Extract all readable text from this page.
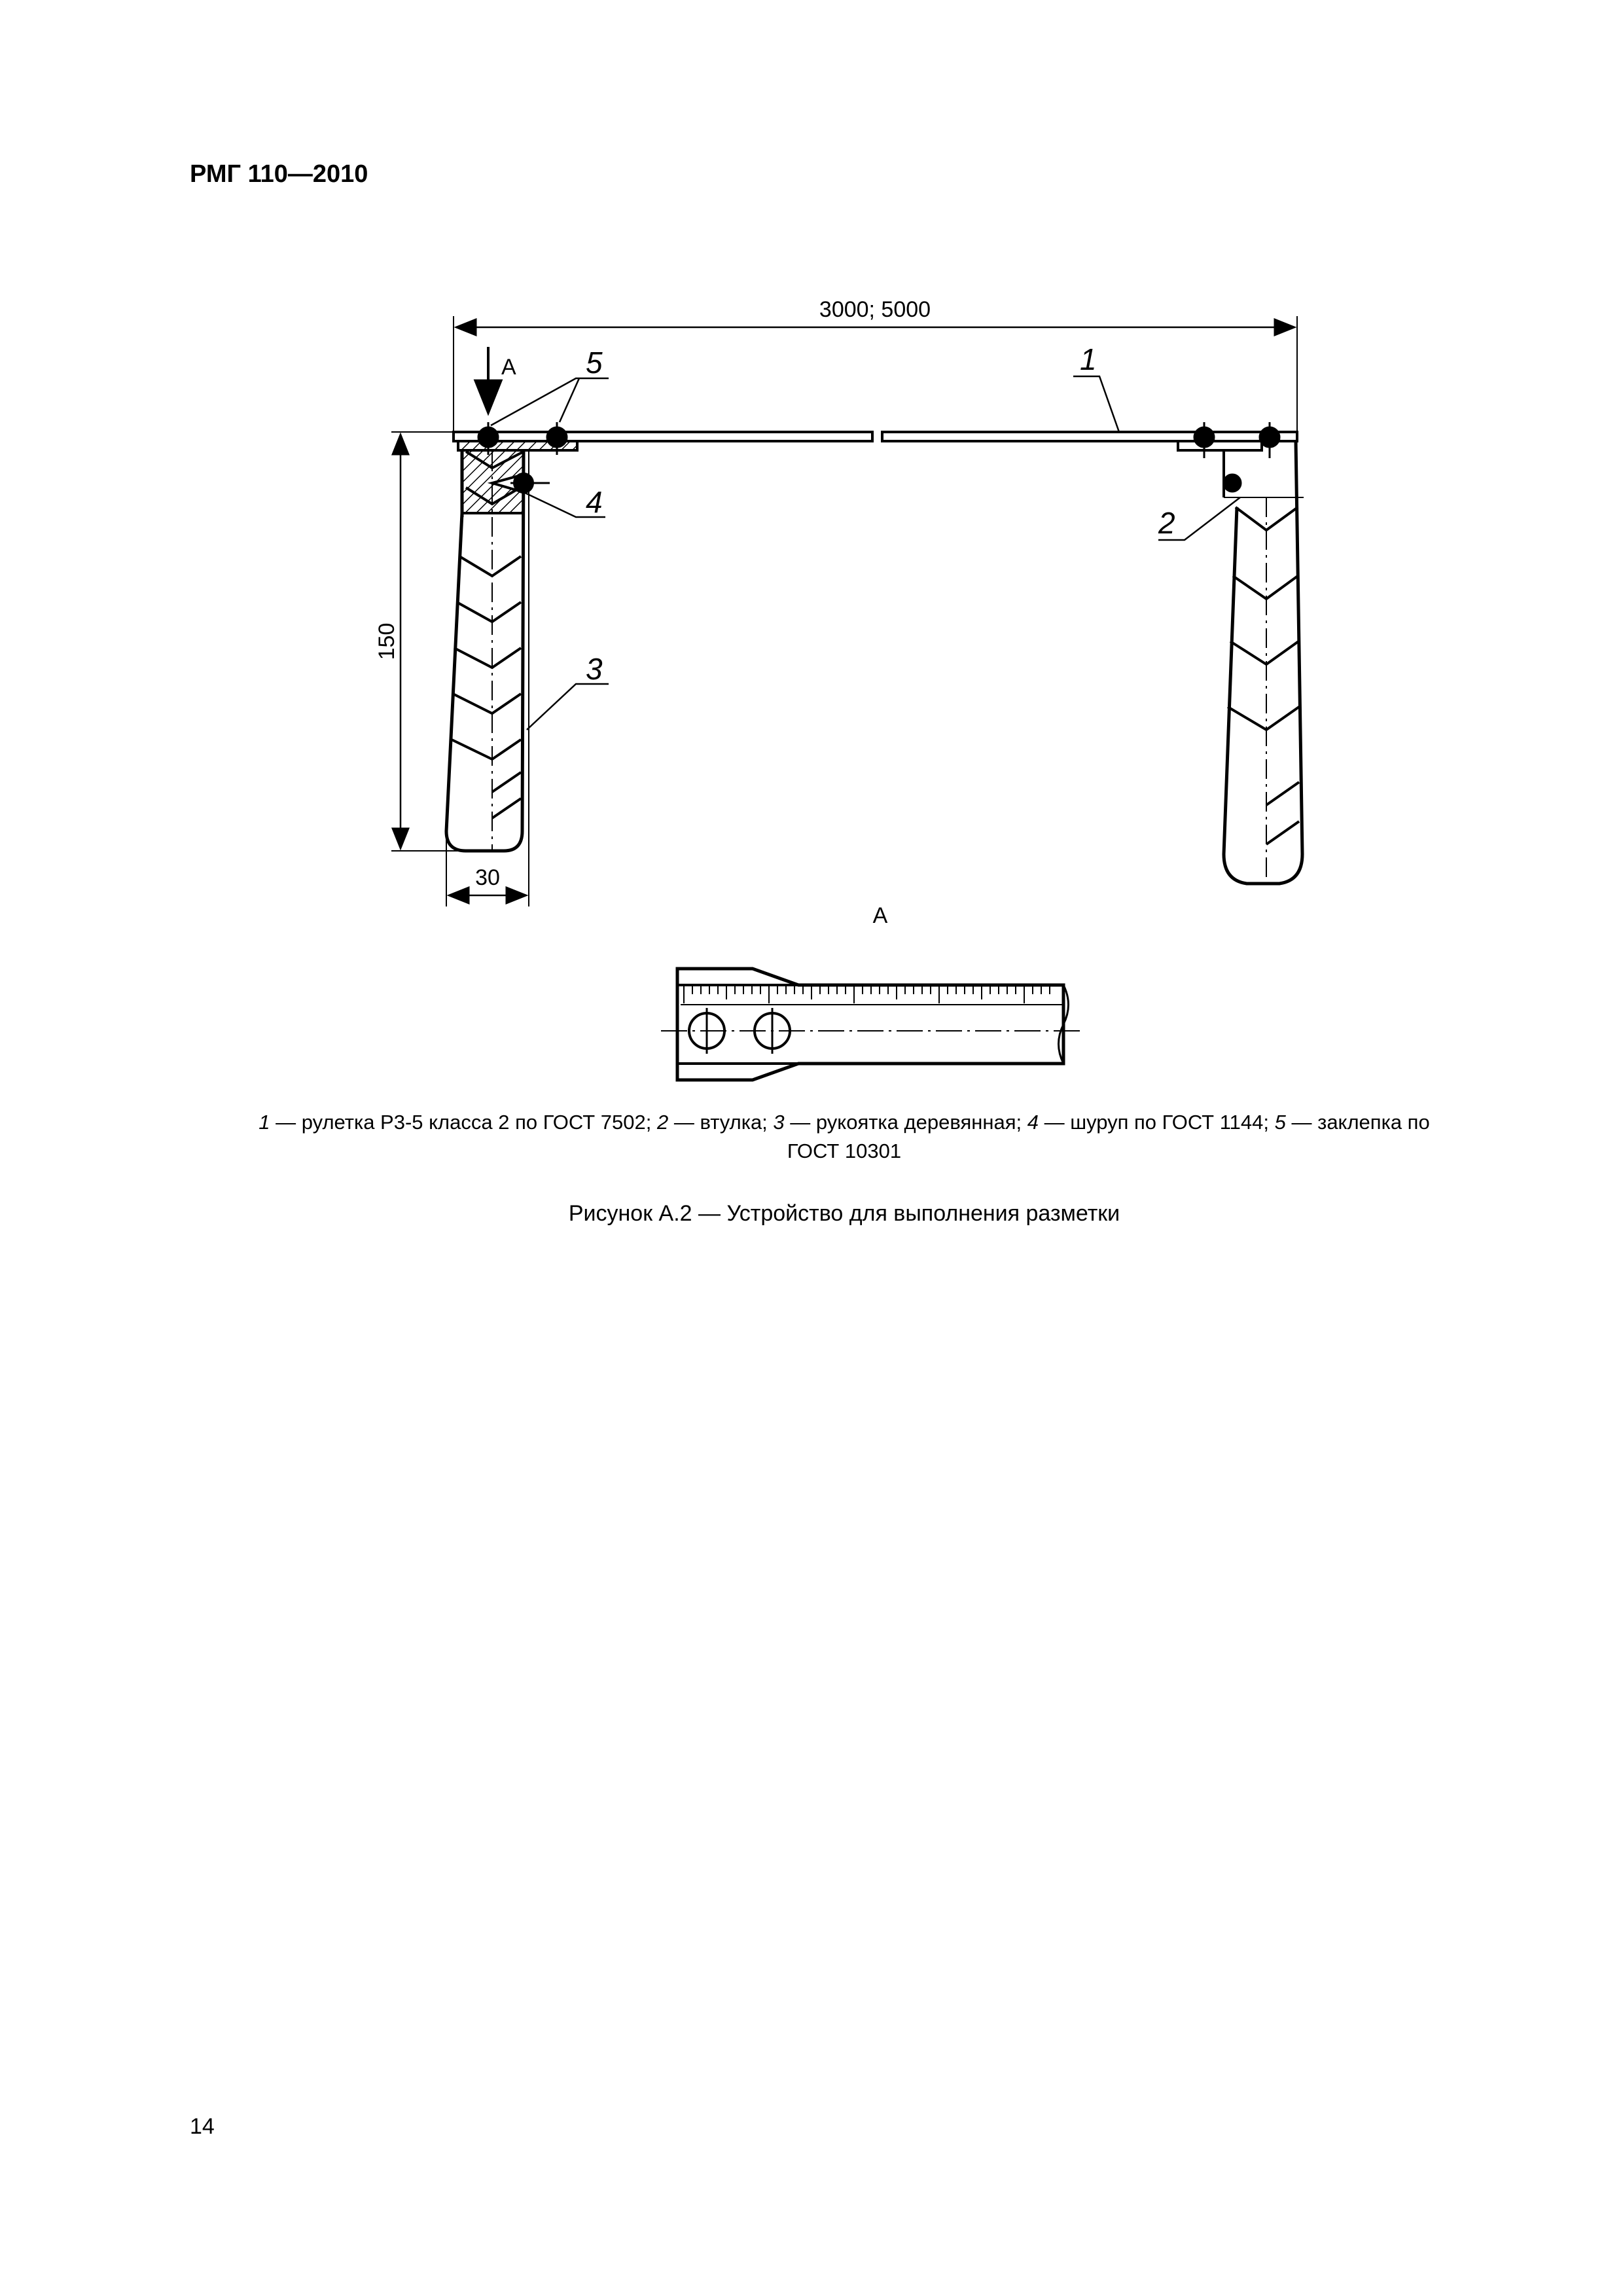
РМГ 110—2010
3000; 5000
А
150
30
1
2
3
4
5
А
1 — рулетка Р3-5 класса 2 по ГОСТ 7502; 2 — втулка; 3 — рукоятка деревянная; 4 — шуруп по ГОСТ 1144; 5 — заклепка по
ГОСТ 10301
Рисунок А.2 — Устройство для выполнения разметки
14
